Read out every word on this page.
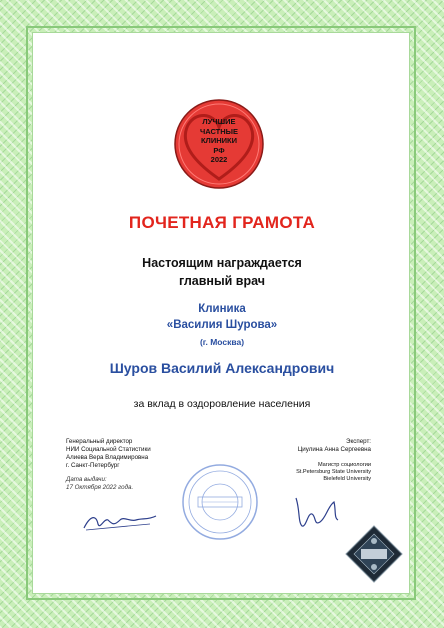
ЛУЧШИЕ
ЧАСТНЫЕ
КЛИНИКИ
РФ
2022
ПОЧЕТНАЯ ГРАМОТА
Настоящим награждается
главный врач
Клиника
«Василия Шурова»
(г. Москва)
Шуров Василий Александрович
за вклад в оздоровление населения
Генеральный директор
НИИ Социальной Статистики
Алиева Вера Владимировна
г. Санкт-Петербург
Дата выдачи:
17 Октября 2022 года.
Эксперт:
Циулина Анна Сергеевна
Магистр социологии
St.Petersburg State University
Bielefeld University
